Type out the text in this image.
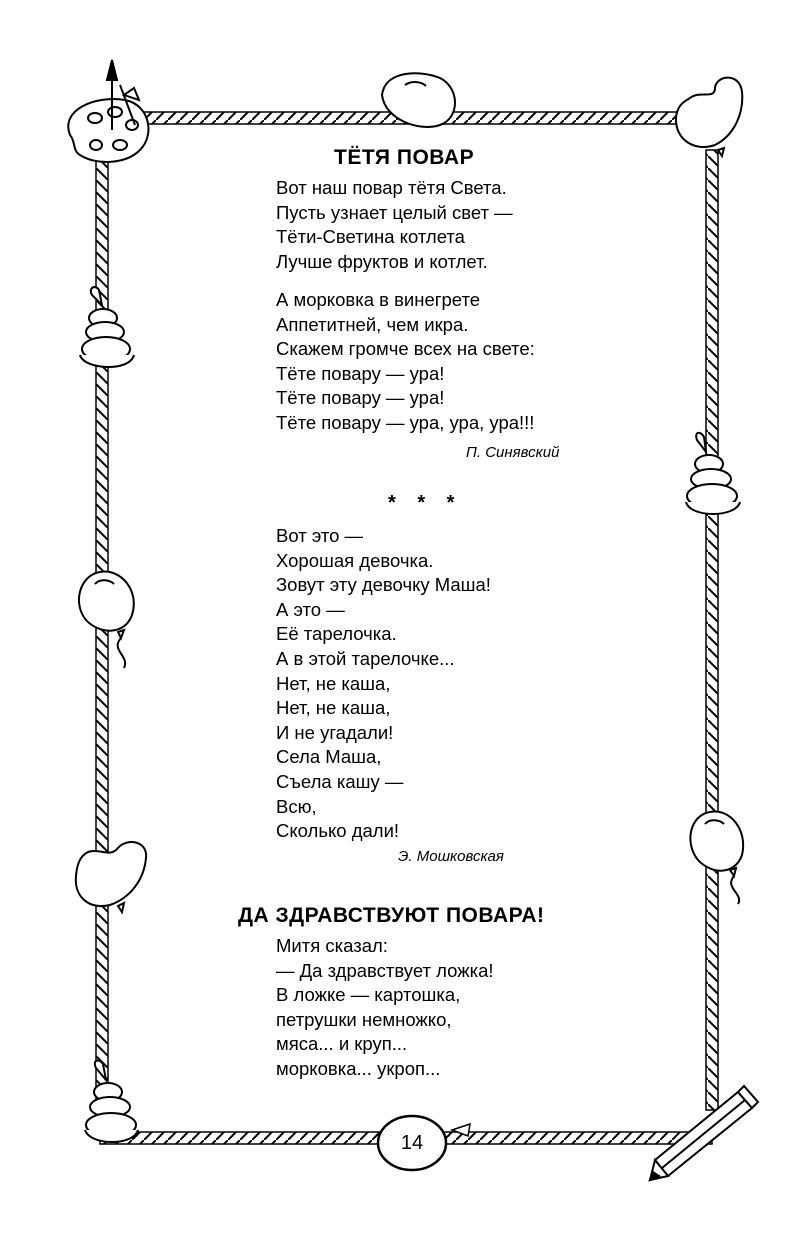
ТЁТЯ ПОВАР
Вот наш повар тётя Света.
Пусть узнает целый свет —
Тёти-Светина котлета
Лучше фруктов и котлет.
А морковка в винегрете
Аппетитней, чем икра.
Скажем громче всех на свете:
Тёте повару — ура!
Тёте повару — ура!
Тёте повару — ура, ура, ура!!!
П. Синявский
* * *
Вот это —
Хорошая девочка.
Зовут эту девочку Маша!
А это —
Её тарелочка.
А в этой тарелочке...
Нет, не каша,
Нет, не каша,
И не угадали!
Села Маша,
Съела кашу —
Всю,
Сколько дали!
Э. Мошковская
ДА ЗДРАВСТВУЮТ ПОВАРА!
Митя сказал:
— Да здравствует ложка!
В ложке — картошка,
петрушки немножко,
мяса... и круп...
морковка... укроп...
14
